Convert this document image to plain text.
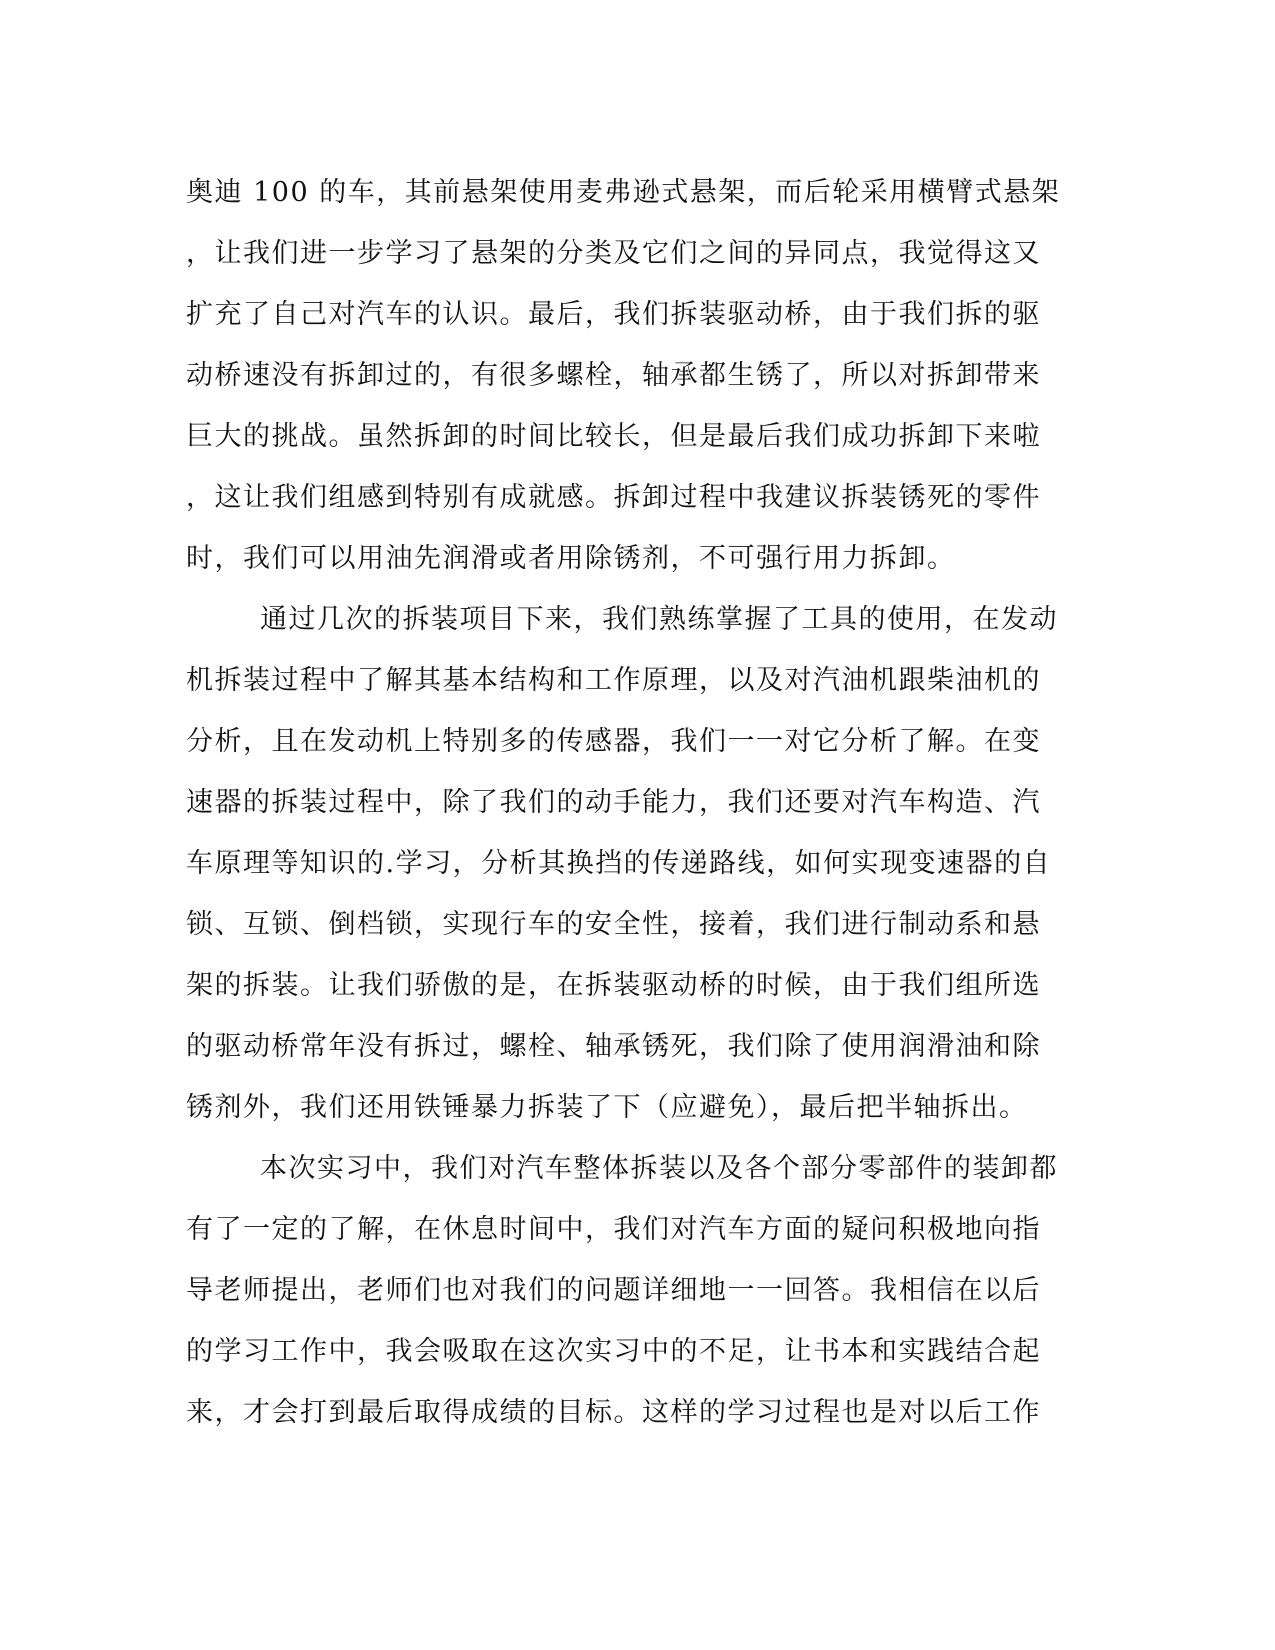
奥迪 100 的车，其前悬架使用麦弗逊式悬架，而后轮采用横臂式悬架
，让我们进一步学习了悬架的分类及它们之间的异同点，我觉得这又
扩充了自己对汽车的认识。最后，我们拆装驱动桥，由于我们拆的驱
动桥速没有拆卸过的，有很多螺栓，轴承都生锈了，所以对拆卸带来
巨大的挑战。虽然拆卸的时间比较长，但是最后我们成功拆卸下来啦
，这让我们组感到特别有成就感。拆卸过程中我建议拆装锈死的零件
时，我们可以用油先润滑或者用除锈剂，不可强行用力拆卸。
通过几次的拆装项目下来，我们熟练掌握了工具的使用，在发动
机拆装过程中了解其基本结构和工作原理，以及对汽油机跟柴油机的
分析，且在发动机上特别多的传感器，我们一一对它分析了解。在变
速器的拆装过程中，除了我们的动手能力，我们还要对汽车构造、汽
车原理等知识的.学习，分析其换挡的传递路线，如何实现变速器的自
锁、互锁、倒档锁，实现行车的安全性，接着，我们进行制动系和悬
架的拆装。让我们骄傲的是，在拆装驱动桥的时候，由于我们组所选
的驱动桥常年没有拆过，螺栓、轴承锈死，我们除了使用润滑油和除
锈剂外，我们还用铁锤暴力拆装了下（应避免），最后把半轴拆出。
本次实习中，我们对汽车整体拆装以及各个部分零部件的装卸都
有了一定的了解，在休息时间中，我们对汽车方面的疑问积极地向指
导老师提出，老师们也对我们的问题详细地一一回答。我相信在以后
的学习工作中，我会吸取在这次实习中的不足，让书本和实践结合起
来，才会打到最后取得成绩的目标。这样的学习过程也是对以后工作
